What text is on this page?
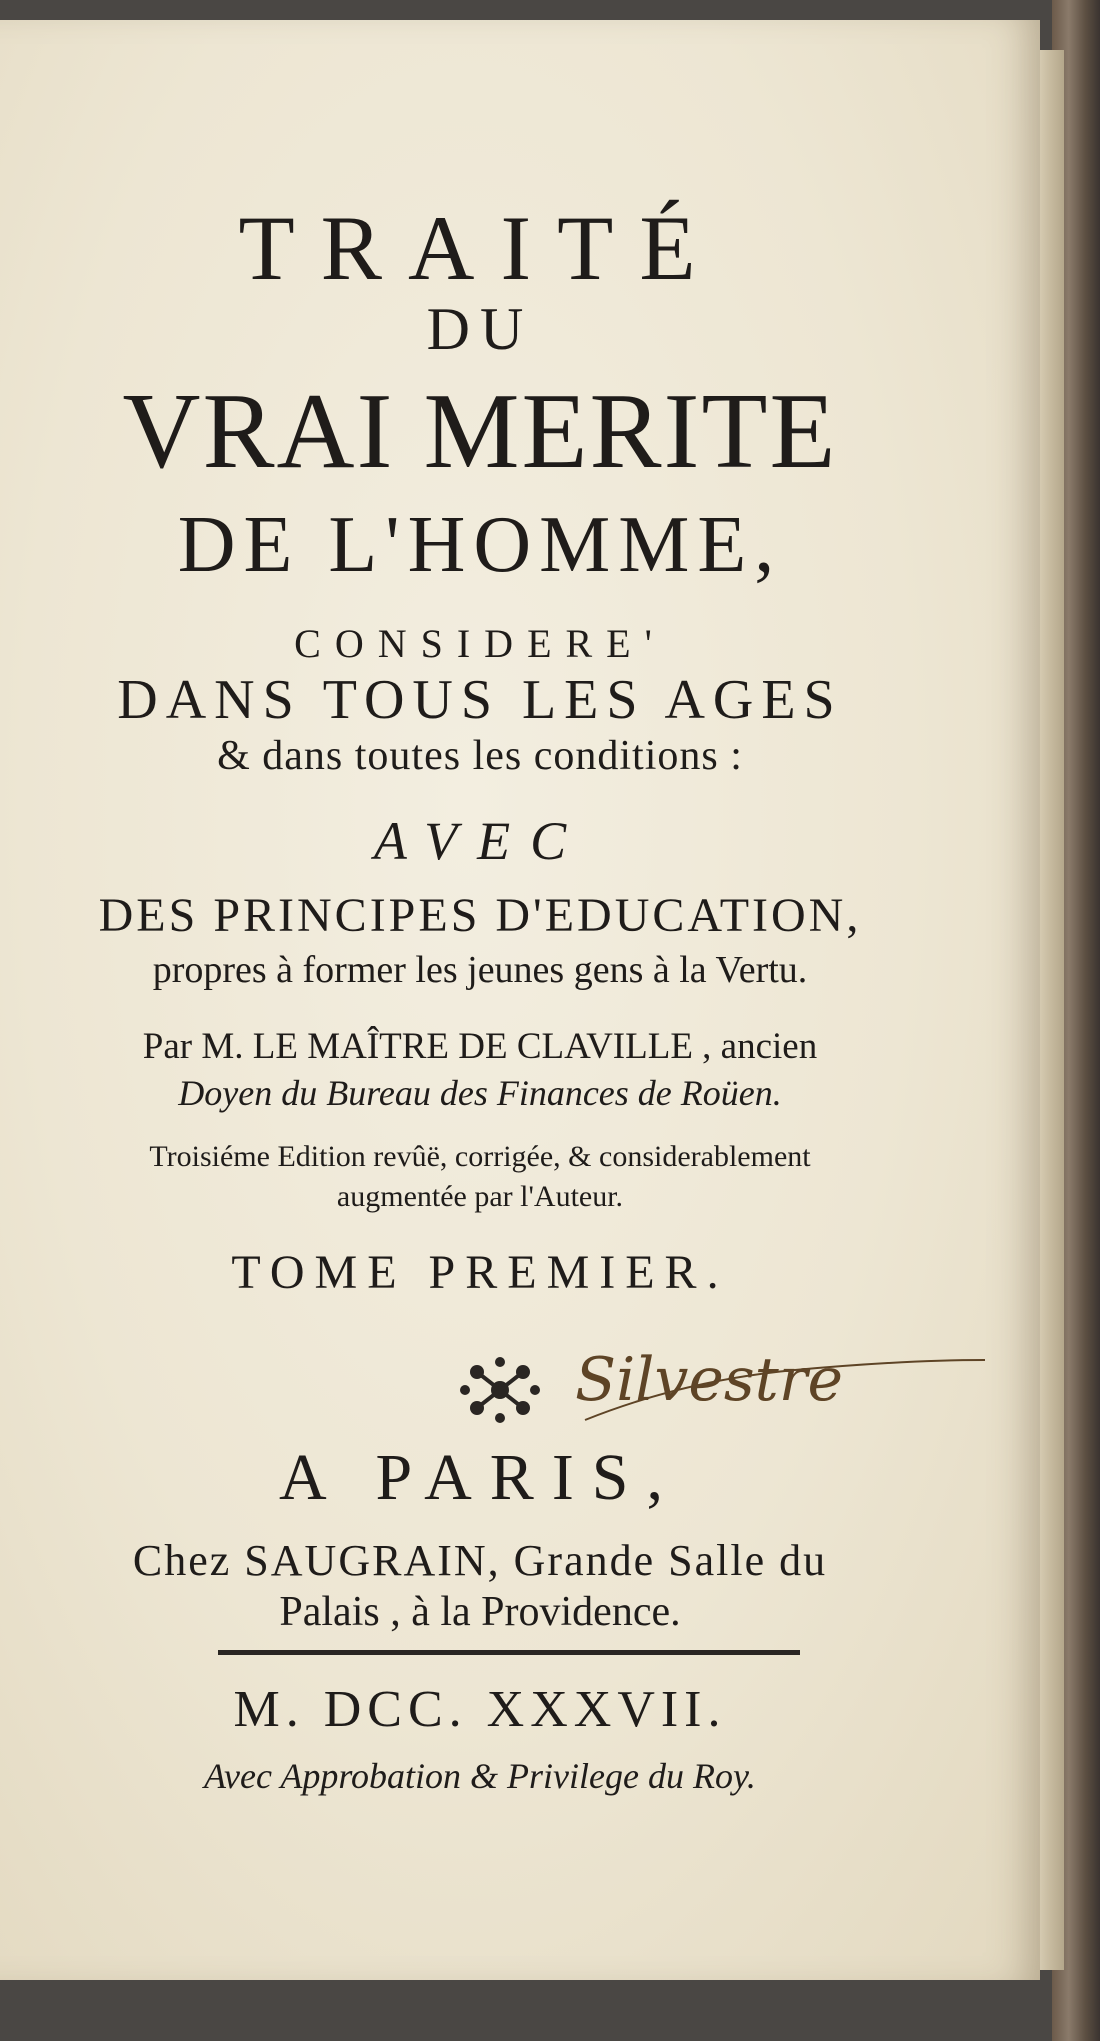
TRAITÉ
DU
VRAI MERITE
DE L'HOMME,
CONSIDERE'
DANS TOUS LES AGES
& dans toutes les conditions :
AVEC
DES PRINCIPES D'EDUCATION,
propres à former les jeunes gens à la Vertu.
Par M. LE MAÎTRE DE CLAVILLE , ancien
Doyen du Bureau des Finances de Roüen.
Troisiéme Edition revûë, corrigée, & considerablement
augmentée par l'Auteur.
TOME PREMIER.
Silvestre
A PARIS,
Chez SAUGRAIN, Grande Salle du
Palais , à la Providence.
M. DCC. XXXVII.
Avec Approbation & Privilege du Roy.
